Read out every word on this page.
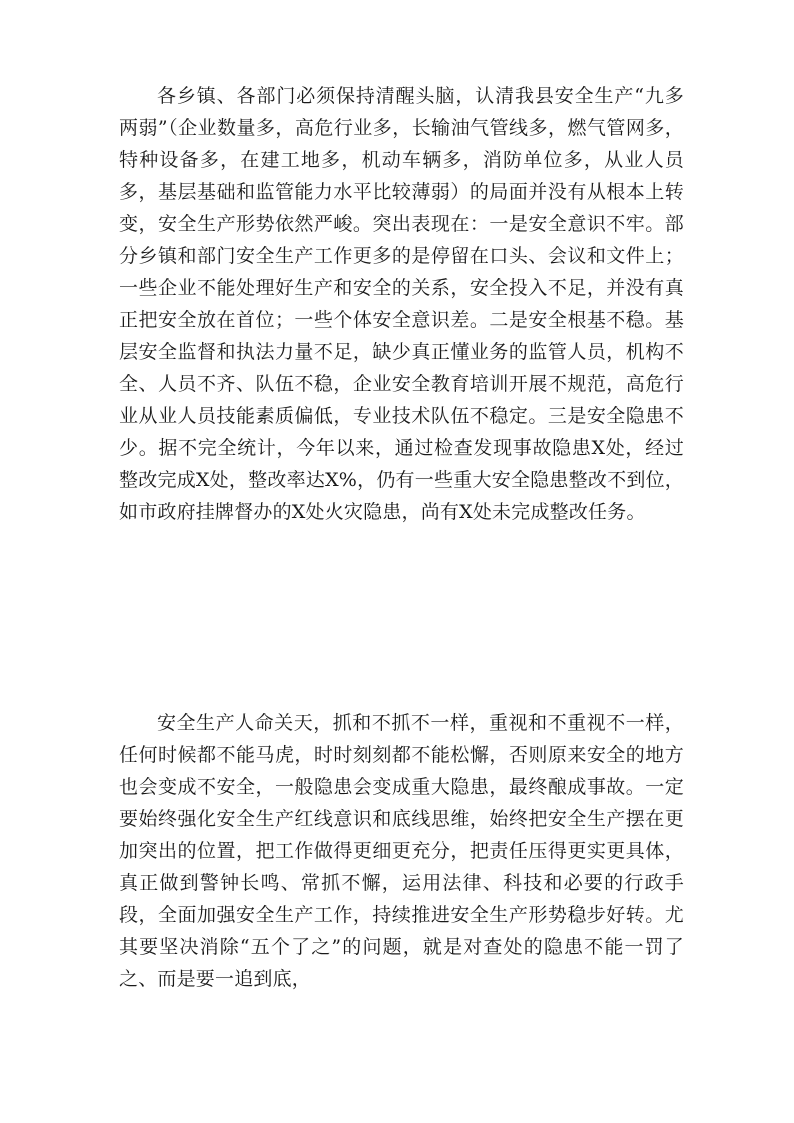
各乡镇、各部门必须保持清醒头脑，认清我县安全生产“九多两弱”（企业数量多，高危行业多，长输油气管线多，燃气管网多，特种设备多，在建工地多，机动车辆多，消防单位多，从业人员多，基层基础和监管能力水平比较薄弱）的局面并没有从根本上转变，安全生产形势依然严峻。突出表现在：一是安全意识不牢。部分乡镇和部门安全生产工作更多的是停留在口头、会议和文件上；一些企业不能处理好生产和安全的关系，安全投入不足，并没有真正把安全放在首位；一些个体安全意识差。二是安全根基不稳。基层安全监督和执法力量不足，缺少真正懂业务的监管人员，机构不全、人员不齐、队伍不稳，企业安全教育培训开展不规范，高危行业从业人员技能素质偏低，专业技术队伍不稳定。三是安全隐患不少。据不完全统计，今年以来，通过检查发现事故隐患X处，经过整改完成X处，整改率达X%，仍有一些重大安全隐患整改不到位，如市政府挂牌督办的X处火灾隐患，尚有X处未完成整改任务。

安全生产人命关天，抓和不抓不一样，重视和不重视不一样，任何时候都不能马虎，时时刻刻都不能松懈，否则原来安全的地方也会变成不安全，一般隐患会变成重大隐患，最终酿成事故。一定要始终强化安全生产红线意识和底线思维，始终把安全生产摆在更加突出的位置，把工作做得更细更充分，把责任压得更实更具体，真正做到警钟长鸣、常抓不懈，运用法律、科技和必要的行政手段，全面加强安全生产工作，持续推进安全生产形势稳步好转。尤其要坚决消除“五个了之”的问题，就是对查处的隐患不能一罚了之、而是要一追到底，
